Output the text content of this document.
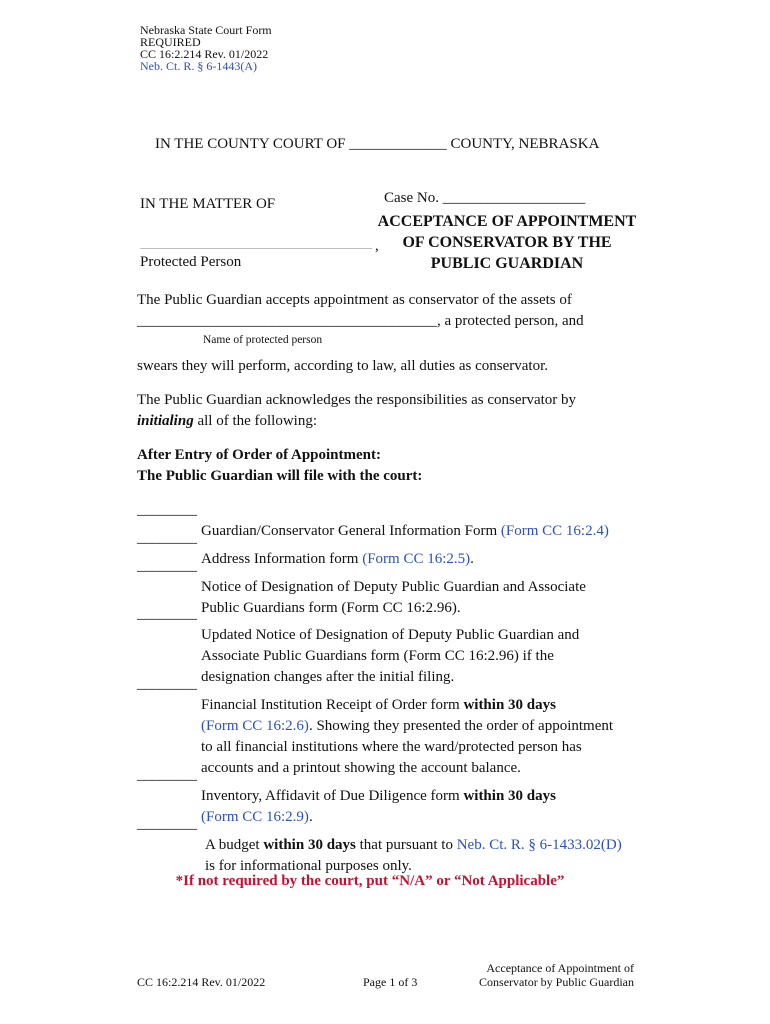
Nebraska State Court Form
REQUIRED
CC 16:2.214 Rev. 01/2022
Neb. Ct. R. § 6-1443(A)
IN THE COUNTY COURT OF _____________ COUNTY, NEBRASKA
IN THE MATTER OF
,
Protected Person
Case No. ___________________
ACCEPTANCE OF APPOINTMENT
OF CONSERVATOR BY THE
PUBLIC GUARDIAN
The Public Guardian accepts appointment as conservator of the assets of
________________________________________, a protected person, and
Name of protected person
swears they will perform, according to law, all duties as conservator.
The Public Guardian acknowledges the responsibilities as conservator by
initialing all of the following:
After Entry of Order of Appointment:
The Public Guardian will file with the court:
________
Guardian/Conservator General Information Form (Form CC 16:2.4)
________
Address Information form (Form CC 16:2.5).
________
Notice of Designation of Deputy Public Guardian and Associate
Public Guardians form (Form CC 16:2.96).
________
Updated Notice of Designation of Deputy Public Guardian and
Associate Public Guardians form (Form CC 16:2.96) if the
designation changes after the initial filing.
________
Financial Institution Receipt of Order form within 30 days
(Form CC 16:2.6). Showing they presented the order of appointment
to all financial institutions where the ward/protected person has
accounts and a printout showing the account balance.
________
Inventory, Affidavit of Due Diligence form within 30 days
(Form CC 16:2.9).
________
A budget within 30 days that pursuant to Neb. Ct. R. § 6-1433.02(D)
is for informational purposes only.
*If not required by the court, put “N/A” or “Not Applicable”
CC 16:2.214 Rev. 01/2022	Page 1 of 3
Acceptance of Appointment of
Conservator by Public Guardian
